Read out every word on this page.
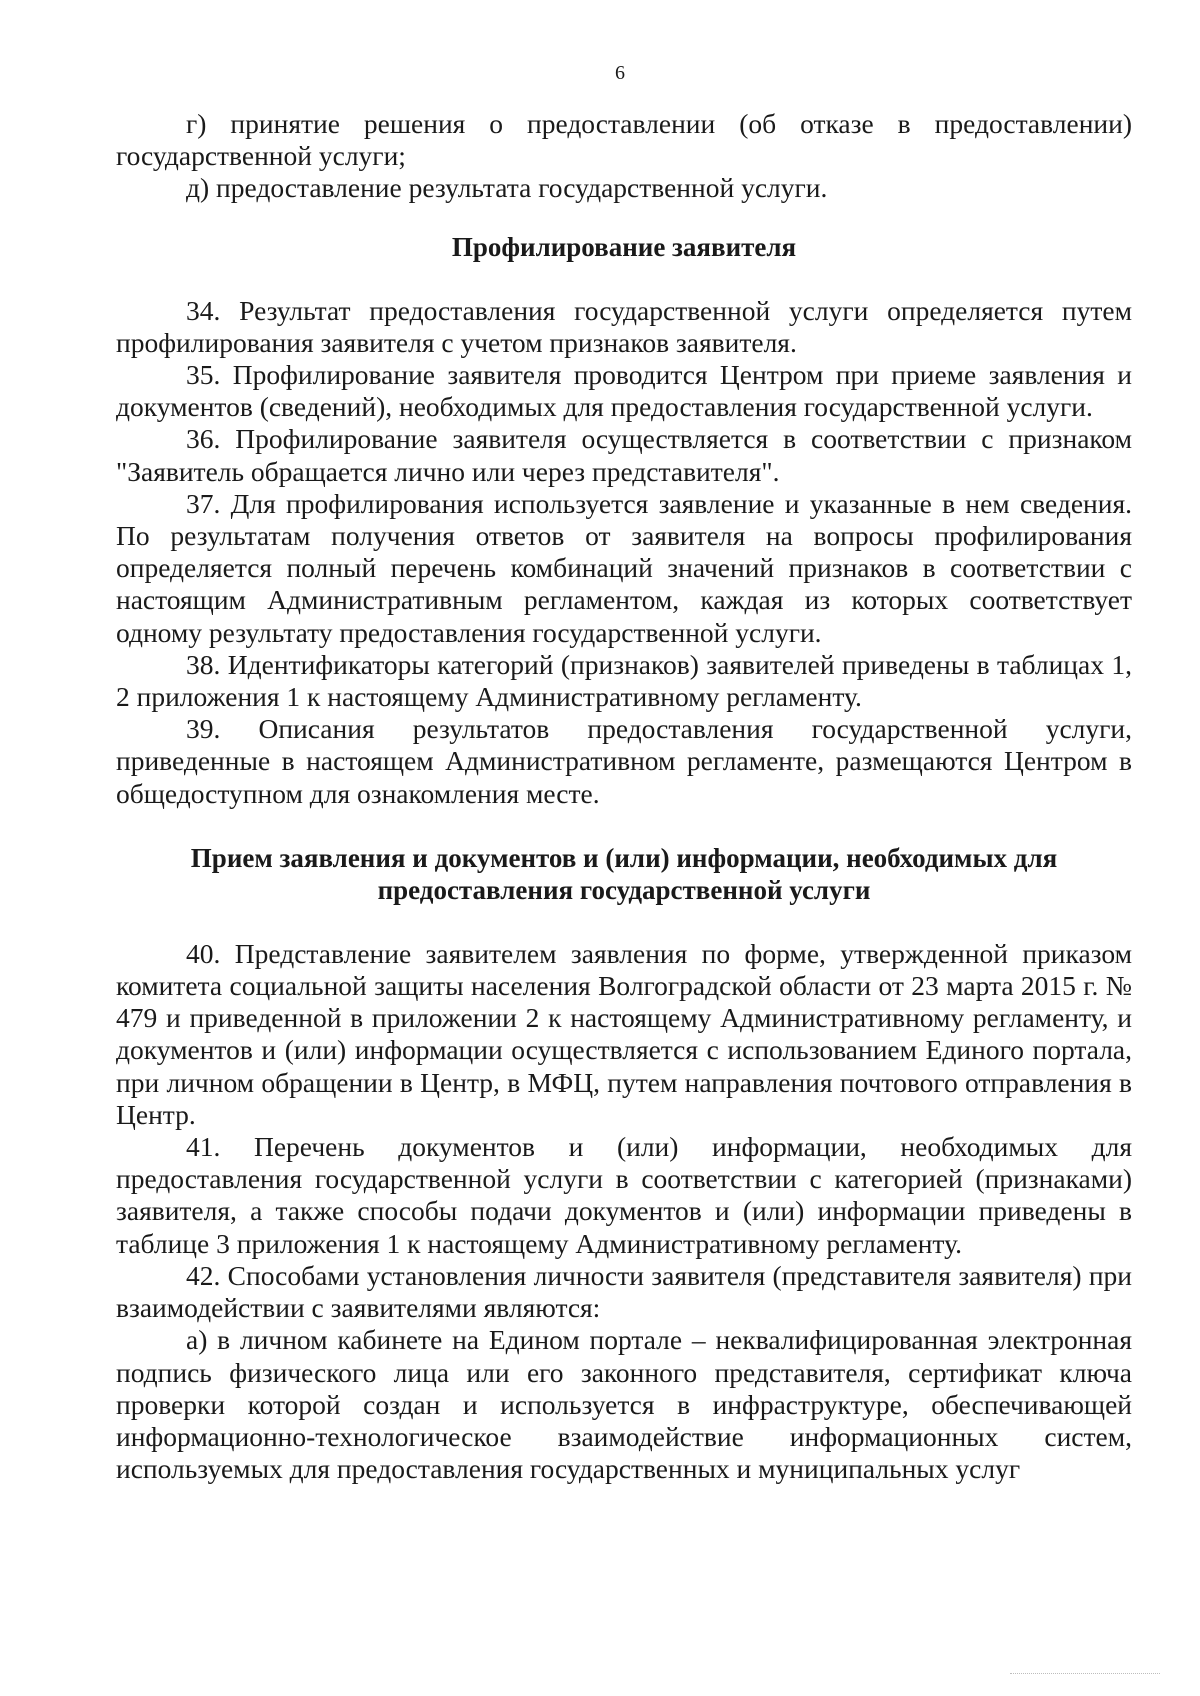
6

г) принятие решения о предоставлении (об отказе в предоставлении) государственной услуги;

д) предоставление результата государственной услуги.

Профилирование заявителя

34. Результат предоставления государственной услуги определяется путем профилирования заявителя с учетом признаков заявителя.

35. Профилирование заявителя проводится Центром при приеме заявления и документов (сведений), необходимых для предоставления государственной услуги.

36. Профилирование заявителя осуществляется в соответствии с признаком "Заявитель обращается лично или через представителя".

37. Для профилирования используется заявление и указанные в нем сведения. По результатам получения ответов от заявителя на вопросы профилирования определяется полный перечень комбинаций значений признаков в соответствии с настоящим Административным регламентом, каждая из которых соответствует одному результату предоставления государственной услуги.

38. Идентификаторы категорий (признаков) заявителей приведены в таблицах 1, 2 приложения 1 к настоящему Административному регламенту.

39. Описания результатов предоставления государственной услуги, приведенные в настоящем Административном регламенте, размещаются Центром в общедоступном для ознакомления месте.

Прием заявления и документов и (или) информации, необходимых для предоставления государственной услуги

40. Представление заявителем заявления по форме, утвержденной приказом комитета социальной защиты населения Волгоградской области от 23 марта 2015 г. № 479 и приведенной в приложении 2 к настоящему Административному регламенту, и документов и (или) информации осуществляется с использованием Единого портала, при личном обращении в Центр, в МФЦ, путем направления почтового отправления в Центр.

41. Перечень документов и (или) информации, необходимых для предоставления государственной услуги в соответствии с категорией (признаками) заявителя, а также способы подачи документов и (или) информации приведены в таблице 3 приложения 1 к настоящему Административному регламенту.

42. Способами установления личности заявителя (представителя заявителя) при взаимодействии с заявителями являются:

а) в личном кабинете на Едином портале – неквалифицированная электронная подпись физического лица или его законного представителя, сертификат ключа проверки которой создан и используется в инфраструктуре, обеспечивающей информационно-технологическое взаимодействие информационных систем, используемых для предоставления государственных и муниципальных услуг
